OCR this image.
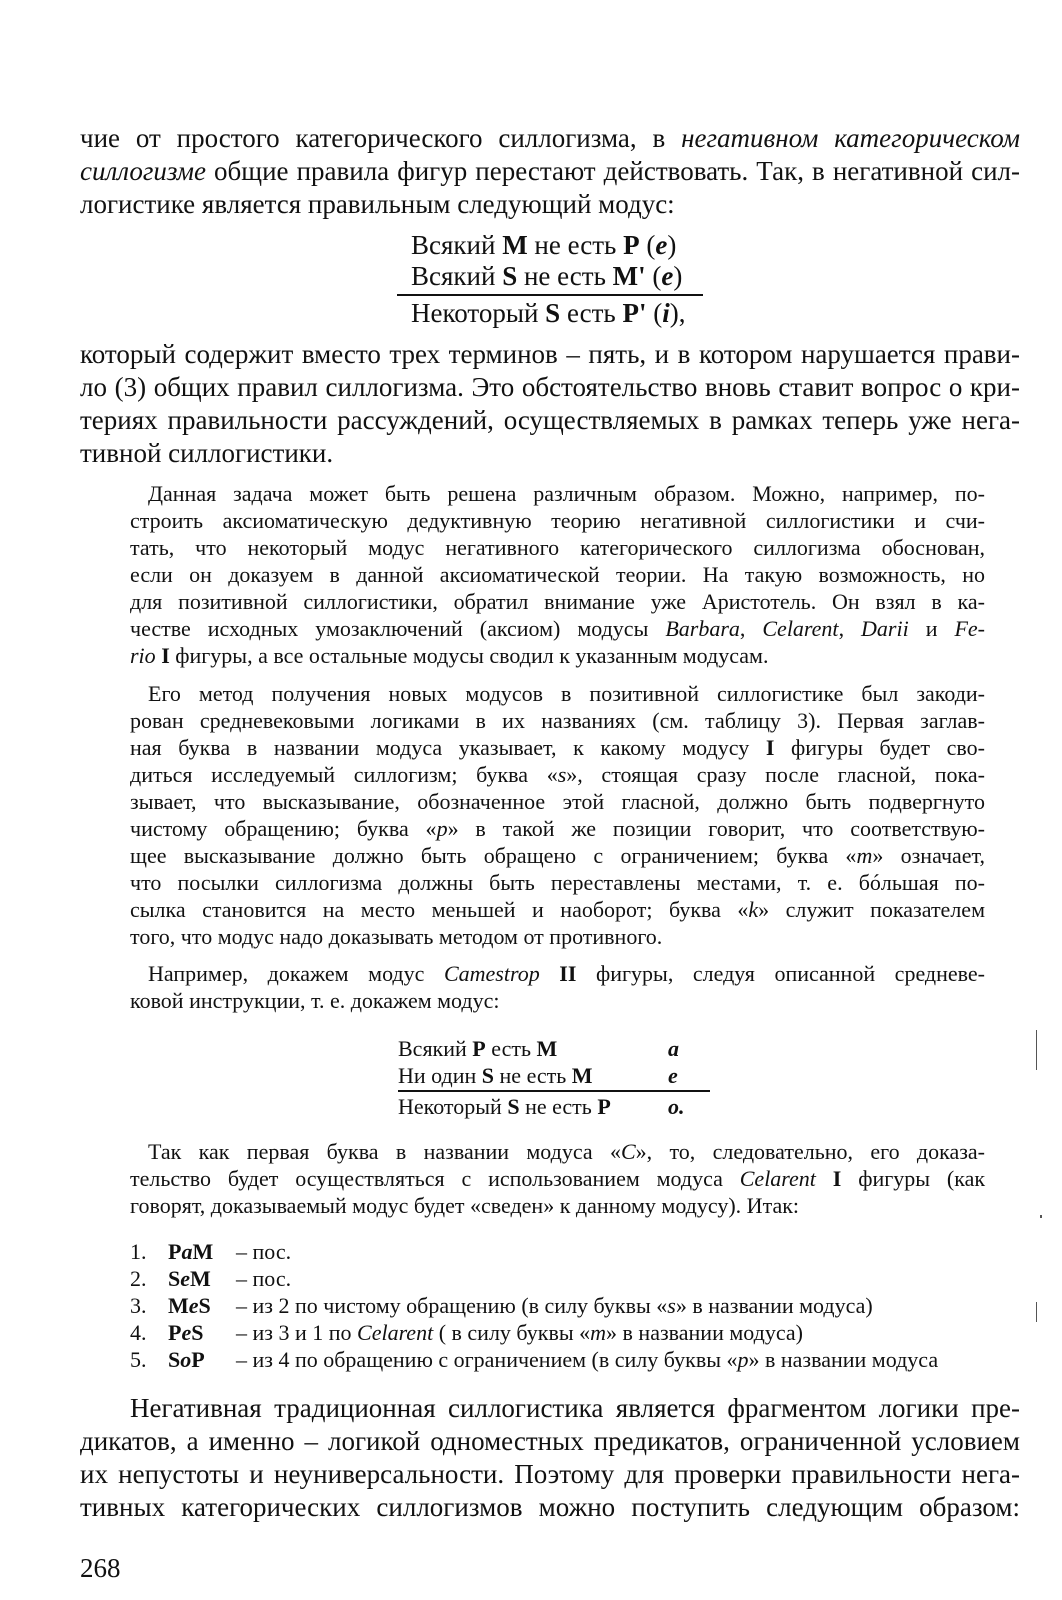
чие от простого категорического силлогизма, в негативном категорическом
силлогизме общие правила фигур перестают действовать. Так, в негативной сил-
логистике является правильным следующий модус:
Всякий M не есть P (e)
Всякий S не есть M' (e)
Некоторый S есть P' (i),
который содержит вместо трех терминов – пять, и в котором нарушается прави-
ло (3) общих правил силлогизма. Это обстоятельство вновь ставит вопрос о кри-
териях правильности рассуждений, осуществляемых в рамках теперь уже нега-
тивной силлогистики.
Данная задача может быть решена различным образом. Можно, например, по-
строить аксиоматическую дедуктивную теорию негативной силлогистики и счи-
тать, что некоторый модус негативного категорического силлогизма обоснован,
если он доказуем в данной аксиоматической теории. На такую возможность, но
для позитивной силлогистики, обратил внимание уже Аристотель. Он взял в ка-
честве исходных умозаключений (аксиом) модусы Barbara, Celarent, Darii и Fe-
rio I фигуры, а все остальные модусы сводил к указанным модусам.
Его метод получения новых модусов в позитивной силлогистике был закоди-
рован средневековыми логиками в их названиях (см. таблицу 3). Первая заглав-
ная буква в названии модуса указывает, к какому модусу I фигуры будет сво-
диться исследуемый силлогизм; буква «s», стоящая сразу после гласной, пока-
зывает, что высказывание, обозначенное этой гласной, должно быть подвергнуто
чистому обращению; буква «p» в такой же позиции говорит, что соответствую-
щее высказывание должно быть обращено с ограничением; буква «m» означает,
что посылки силлогизма должны быть переставлены местами, т. е. бóльшая по-
сылка становится на место меньшей и наоборот; буква «k» служит показателем
того, что модус надо доказывать методом от противного.
Например, докажем модус Camestrop II фигуры, следуя описанной средневе-
ковой инструкции, т. е. докажем модус:
Всякий P есть M	a
Ни один S не есть M	e
Некоторый S не есть P	o.
Так как первая буква в названии модуса «C», то, следовательно, его доказа-
тельство будет осуществляться с использованием модуса Celarent I фигуры (как
говорят, доказываемый модус будет «сведен» к данному модусу). Итак:
1. PaM	– пос.
2. SeM	– пос.
3. MeS	– из 2 по чистому обращению (в силу буквы «s» в названии модуса)
4. PeS	– из 3 и 1 по Celarent ( в силу буквы «m» в названии модуса)
5. SoP	– из 4 по обращению с ограничением (в силу буквы «p» в названии модуса
Негативная традиционная силлогистика является фрагментом логики пре-
дикатов, а именно – логикой одноместных предикатов, ограниченной условием
их непустоты и неуниверсальности. Поэтому для проверки правильности нега-
тивных категорических силлогизмов можно поступить следующим образом:
268
